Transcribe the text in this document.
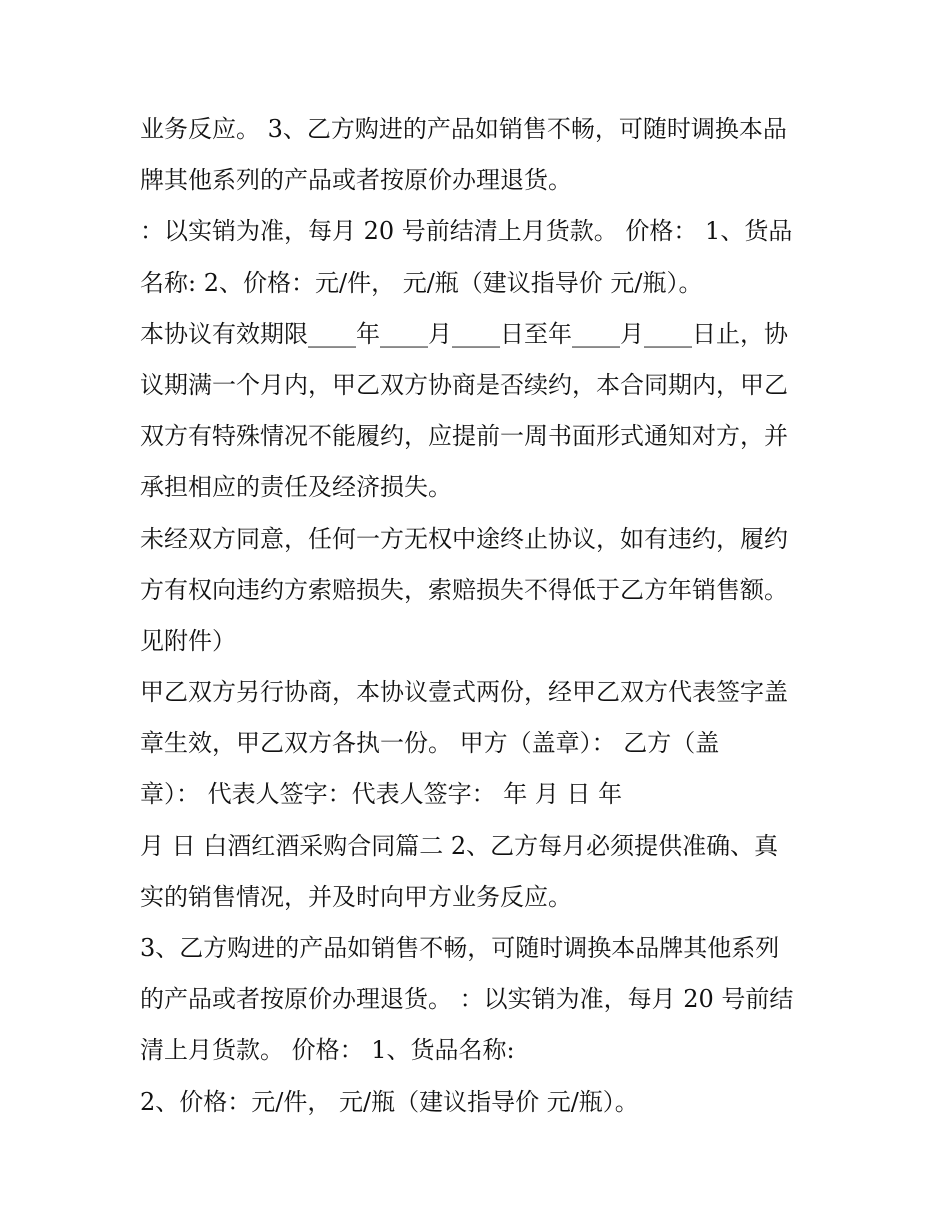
业务反应。 3、乙方购进的产品如销售不畅，可随时调换本品
牌其他系列的产品或者按原价办理退货。
：以实销为准，每月 20 号前结清上月货款。 价格： 1、货品
名称: 2、价格：元/件， 元/瓶（建议指导价 元/瓶）。
本协议有效期限____年____月____日至年____月____日止，协
议期满一个月内，甲乙双方协商是否续约，本合同期内，甲乙
双方有特殊情况不能履约，应提前一周书面形式通知对方，并
承担相应的责任及经济损失。
未经双方同意，任何一方无权中途终止协议，如有违约，履约
方有权向违约方索赔损失，索赔损失不得低于乙方年销售额。
见附件）
甲乙双方另行协商，本协议壹式两份，经甲乙双方代表签字盖
章生效，甲乙双方各执一份。 甲方（盖章）： 乙方（盖
章）： 代表人签字：代表人签字： 年 月 日 年
月 日 白酒红酒采购合同篇二 2、乙方每月必须提供准确、真
实的销售情况，并及时向甲方业务反应。
3、乙方购进的产品如销售不畅，可随时调换本品牌其他系列
的产品或者按原价办理退货。 ：以实销为准，每月 20 号前结
清上月货款。 价格： 1、货品名称:
2、价格：元/件， 元/瓶（建议指导价 元/瓶）。
